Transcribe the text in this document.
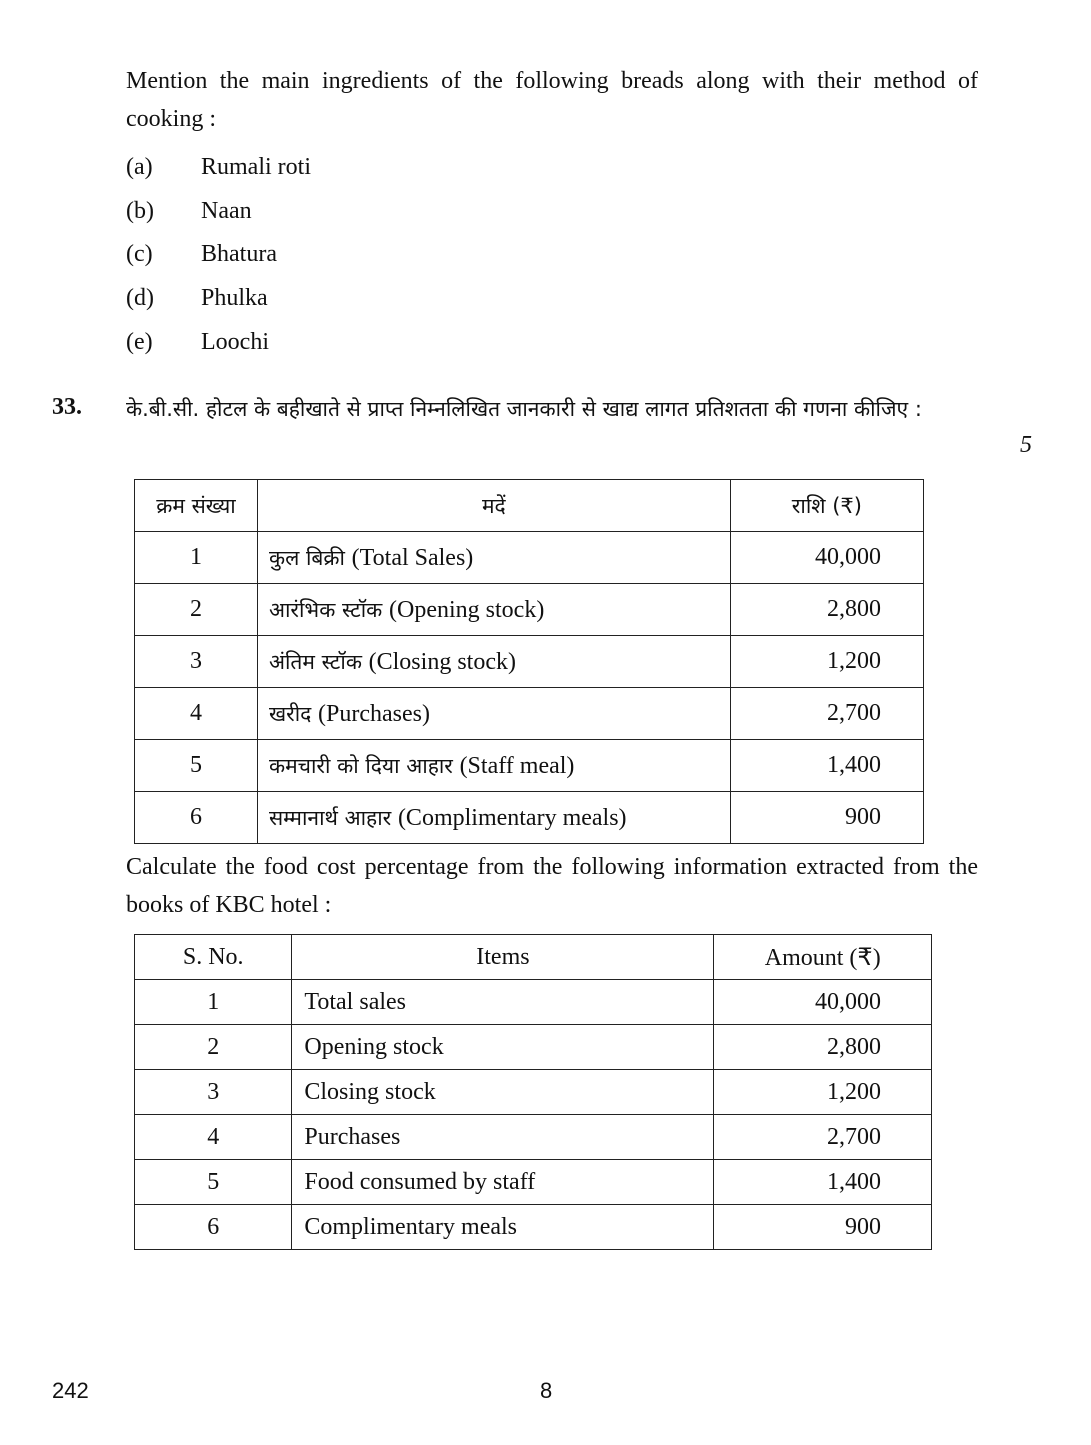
Mention the main ingredients of the following breads along with their method of cooking :
(a)	Rumali roti
(b)	Naan
(c)	Bhatura
(d)	Phulka
(e)	Loochi
33. के.बी.सी. होटल के बहीखाते से प्राप्त निम्नलिखित जानकारी से खाद्य लागत प्रतिशतता की गणना कीजिए :
5
क्रम संख्या	मदें	राशि (₹)
1	कुल बिक्री (Total Sales)	40,000
2	आरंभिक स्टॉक (Opening stock)	2,800
3	अंतिम स्टॉक (Closing stock)	1,200
4	खरीद (Purchases)	2,700
5	कमचारी को दिया आहार (Staff meal)	1,400
6	सम्मानार्थ आहार (Complimentary meals)	900
Calculate the food cost percentage from the following information extracted from the books of KBC hotel :
S. No.	Items	Amount (₹)
1	Total sales	40,000
2	Opening stock	2,800
3	Closing stock	1,200
4	Purchases	2,700
5	Food consumed by staff	1,400
6	Complimentary meals	900
242	8
